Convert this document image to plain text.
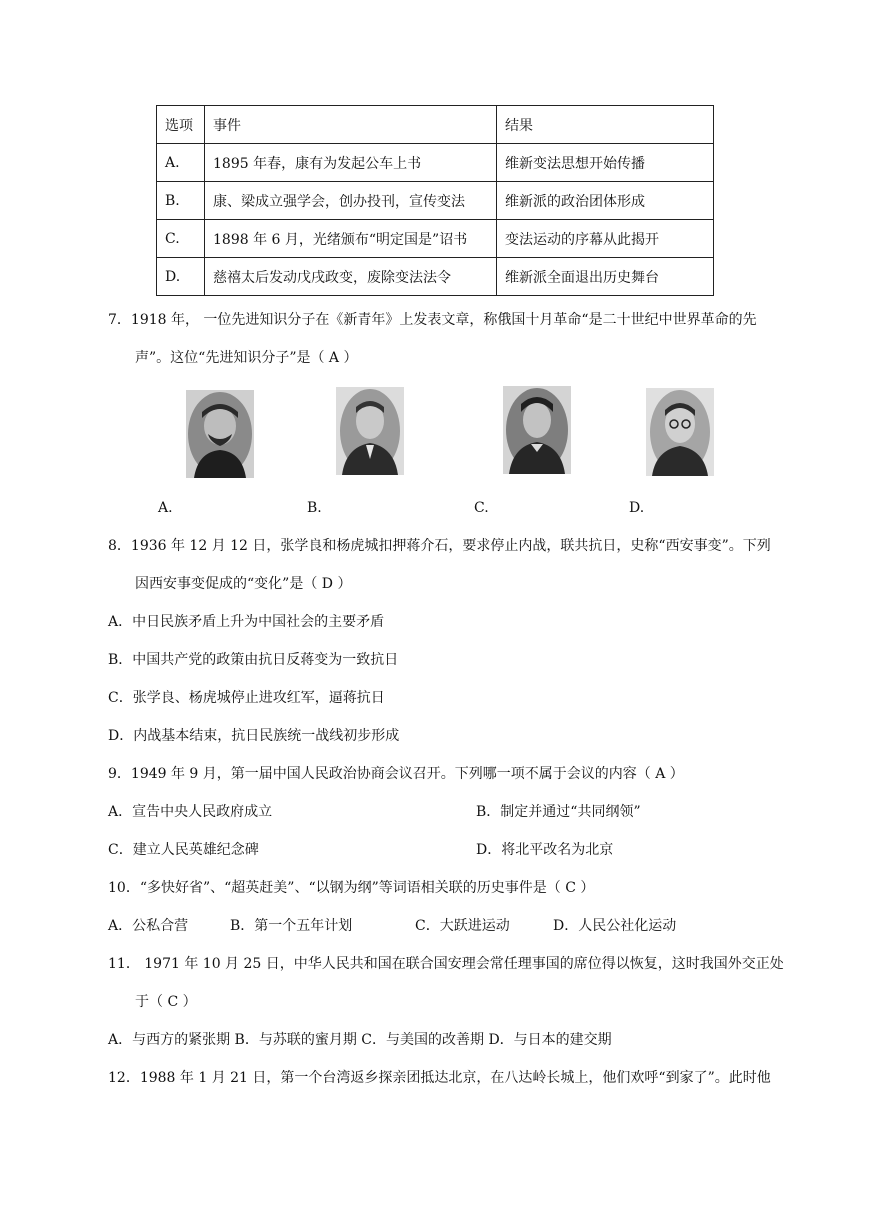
选项	事件	结果
A.	1895 年春，康有为发起公车上书	维新变法思想开始传播
B.	康、梁成立强学会，创办投刊，宣传变法	维新派的政治团体形成
C.	1898 年 6 月，光绪颁布“明定国是”诏书	变法运动的序幕从此揭开
D.	慈禧太后发动戊戌政变，废除变法法令	维新派全面退出历史舞台
7．1918 年， 一位先进知识分子在《新青年》上发表文章，称俄国十月革命“是二十世纪中世界革命的先
声”。这位“先进知识分子”是（ A ）
A.	B.	C.	D.
8．1936 年 12 月 12 日，张学良和杨虎城扣押蒋介石，要求停止内战，联共抗日，史称“西安事变”。下列
因西安事变促成的“变化”是（ D ）
A．中日民族矛盾上升为中国社会的主要矛盾
B．中国共产党的政策由抗日反蒋变为一致抗日
C．张学良、杨虎城停止进攻红军，逼蒋抗日
D．内战基本结束，抗日民族统一战线初步形成
9．1949 年 9 月，第一届中国人民政治协商会议召开。下列哪一项不属于会议的内容（ A ）
A．宣告中央人民政府成立	B．制定并通过“共同纲领”
C．建立人民英雄纪念碑	D．将北平改名为北京
10．“多快好省”、“超英赶美”、“以钢为纲”等词语相关联的历史事件是（ C ）
A．公私合营	B．第一个五年计划	C．大跃进运动	D．人民公社化运动
11． 1971 年 10 月 25 日，中华人民共和国在联合国安理会常任理事国的席位得以恢复，这时我国外交正处
于（ C ）
A．与西方的紧张期 B．与苏联的蜜月期 C．与美国的改善期 D．与日本的建交期
12．1988 年 1 月 21 日，第一个台湾返乡探亲团抵达北京，在八达岭长城上，他们欢呼“到家了”。此时他
